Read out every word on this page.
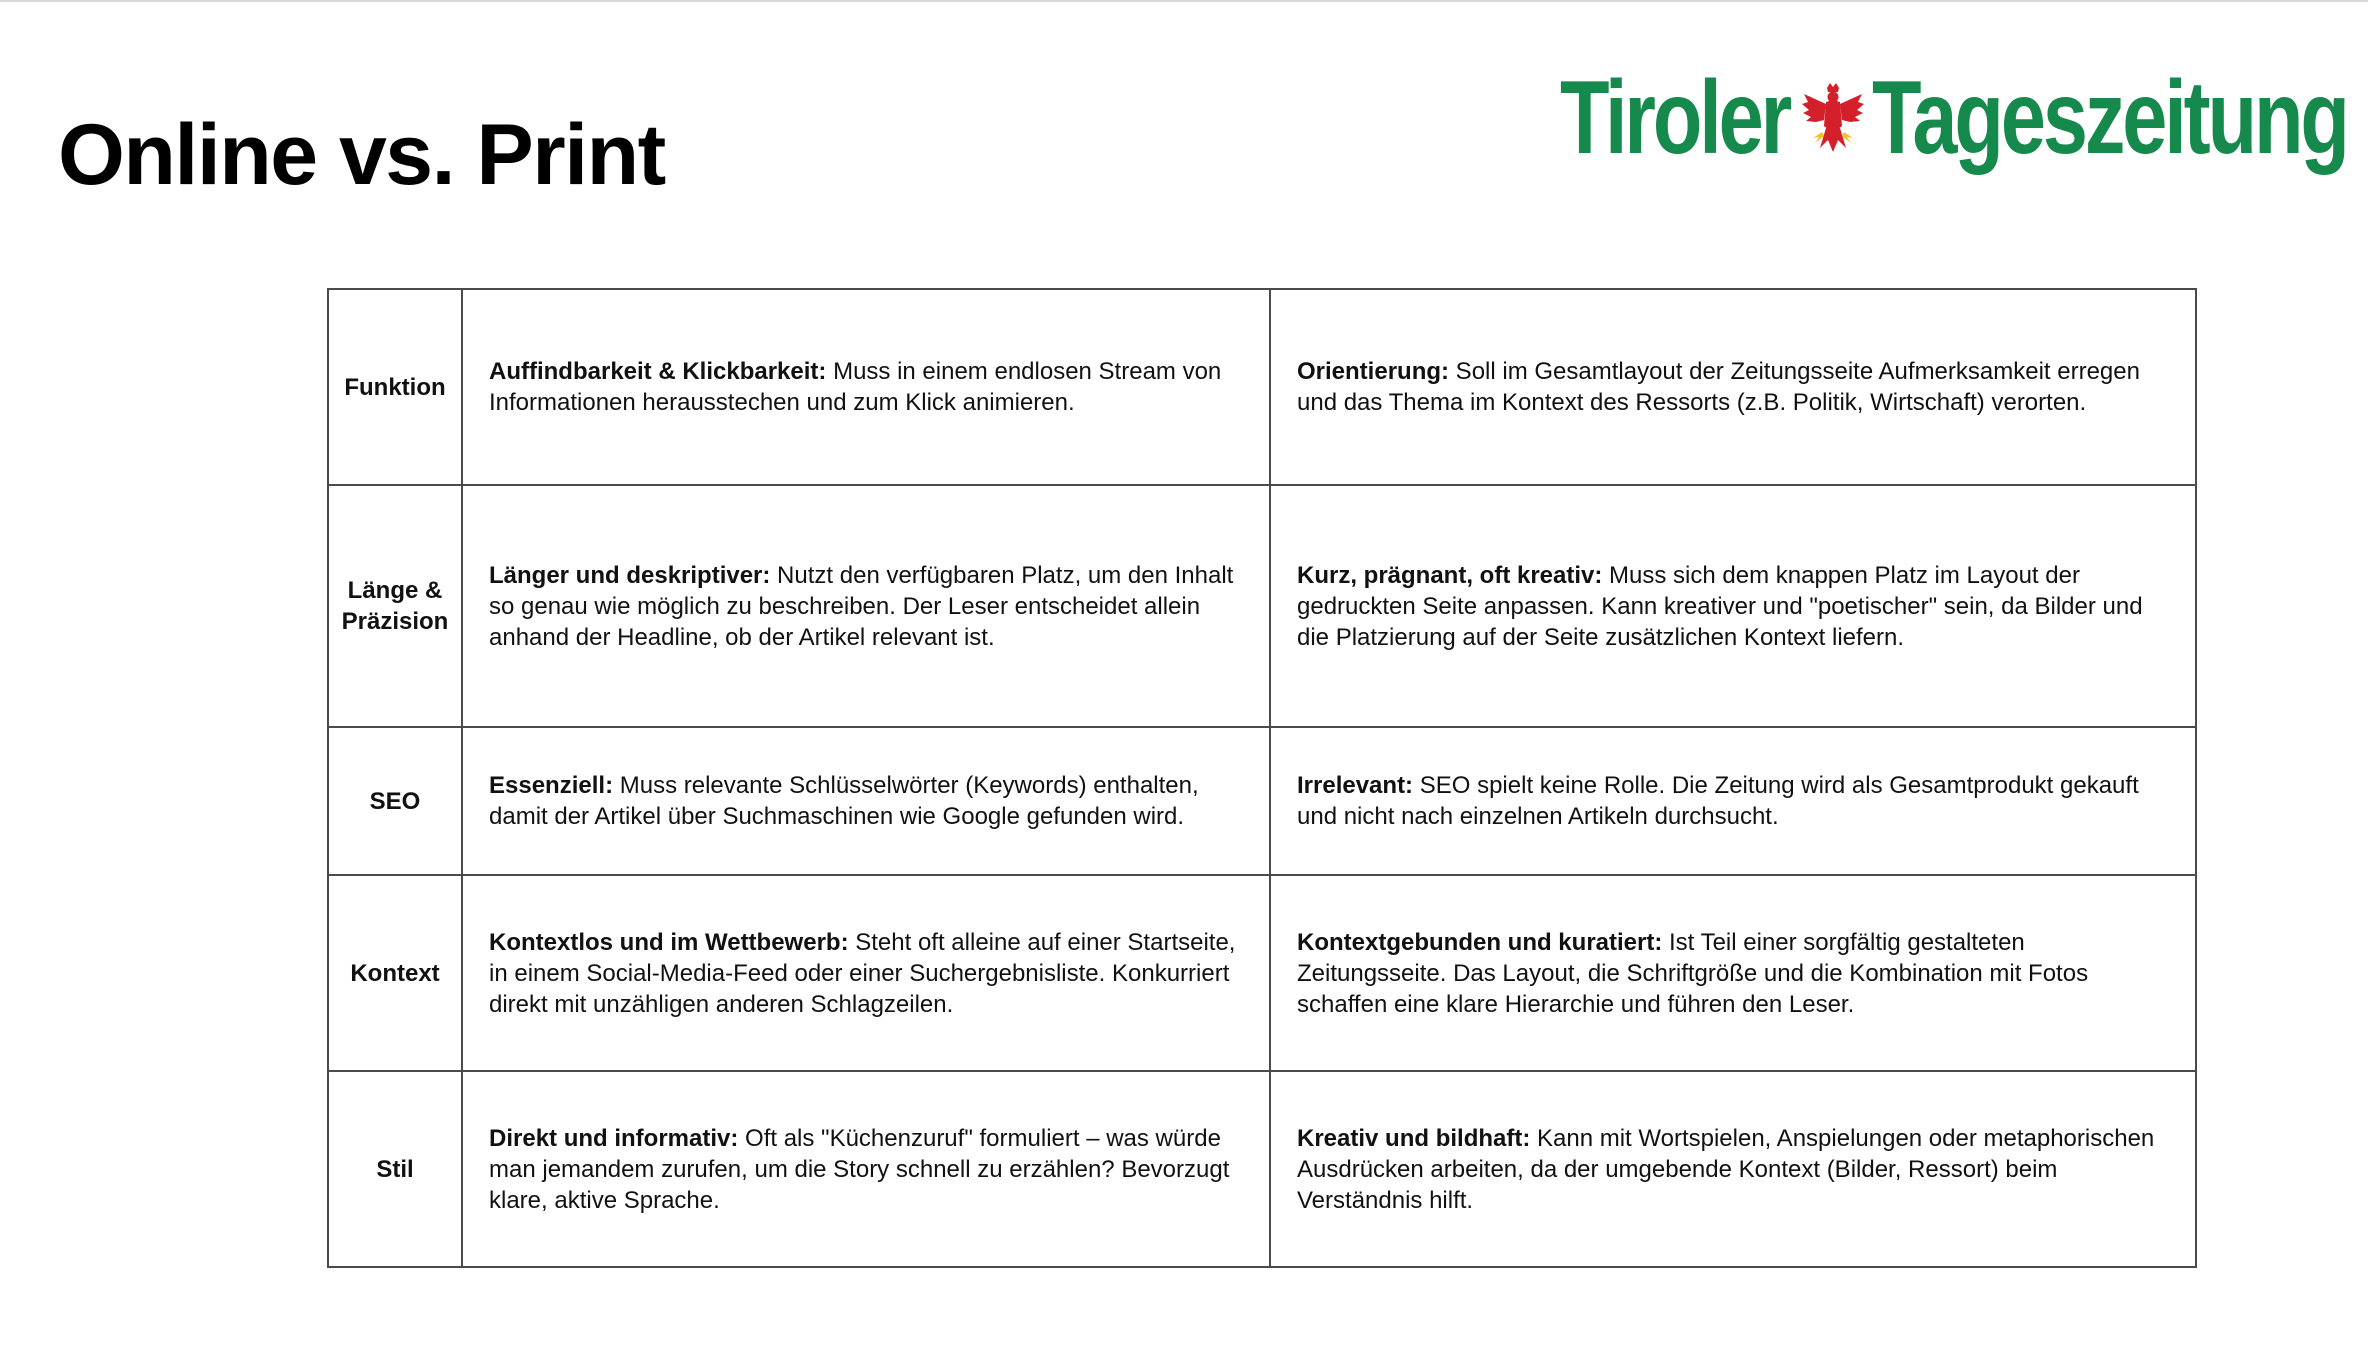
Online vs. Print	Tiroler Tageszeitung
Funktion	Auffindbarkeit & Klickbarkeit: Muss in einem endlosen Stream von Informationen herausstechen und zum Klick animieren.	Orientierung: Soll im Gesamtlayout der Zeitungsseite Aufmerksamkeit erregen und das Thema im Kontext des Ressorts (z.B. Politik, Wirtschaft) verorten.
Länge & Präzision	Länger und deskriptiver: Nutzt den verfügbaren Platz, um den Inhalt so genau wie möglich zu beschreiben. Der Leser entscheidet allein anhand der Headline, ob der Artikel relevant ist.	Kurz, prägnant, oft kreativ: Muss sich dem knappen Platz im Layout der gedruckten Seite anpassen. Kann kreativer und "poetischer" sein, da Bilder und die Platzierung auf der Seite zusätzlichen Kontext liefern.
SEO	Essenziell: Muss relevante Schlüsselwörter (Keywords) enthalten, damit der Artikel über Suchmaschinen wie Google gefunden wird.	Irrelevant: SEO spielt keine Rolle. Die Zeitung wird als Gesamtprodukt gekauft und nicht nach einzelnen Artikeln durchsucht.
Kontext	Kontextlos und im Wettbewerb: Steht oft alleine auf einer Startseite, in einem Social-Media-Feed oder einer Suchergebnisliste. Konkurriert direkt mit unzähligen anderen Schlagzeilen.	Kontextgebunden und kuratiert: Ist Teil einer sorgfältig gestalteten Zeitungsseite. Das Layout, die Schriftgröße und die Kombination mit Fotos schaffen eine klare Hierarchie und führen den Leser.
Stil	Direkt und informativ: Oft als "Küchenzuruf" formuliert – was würde man jemandem zurufen, um die Story schnell zu erzählen? Bevorzugt klare, aktive Sprache.	Kreativ und bildhaft: Kann mit Wortspielen, Anspielungen oder metaphorischen Ausdrücken arbeiten, da der umgebende Kontext (Bilder, Ressort) beim Verständnis hilft.
